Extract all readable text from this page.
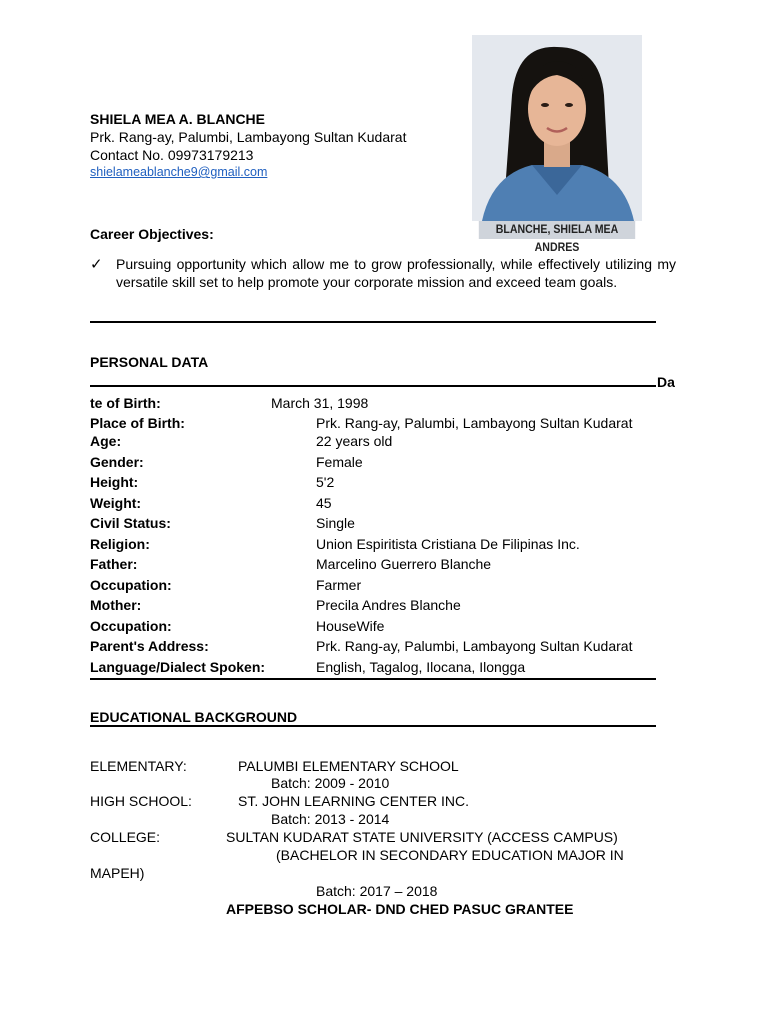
SHIELA MEA A. BLANCHE
Prk. Rang-ay, Palumbi, Lambayong Sultan Kudarat
Contact No. 09973179213
shielameablanche9@gmail.com
BLANCHE, SHIELA MEA ANDRES
Career Objectives:
✓ Pursuing opportunity which allow me to grow professionally, while effectively utilizing my versatile skill set to help promote your corporate mission and exceed team goals.
PERSONAL DATA
Da
te of Birth:	March 31, 1998
Place of Birth:	Prk. Rang-ay, Palumbi, Lambayong Sultan Kudarat
Age:	22 years old
Gender:	Female
Height:	5'2
Weight:	45
Civil Status:	Single
Religion:	Union Espiritista Cristiana De Filipinas Inc.
Father:	Marcelino Guerrero Blanche
Occupation:	Farmer
Mother:	Precila Andres Blanche
Occupation:	HouseWife
Parent's Address:	Prk. Rang-ay, Palumbi, Lambayong Sultan Kudarat
Language/Dialect Spoken:	English, Tagalog, Ilocana, Ilongga
EDUCATIONAL BACKGROUND
ELEMENTARY:	PALUMBI ELEMENTARY SCHOOL
Batch: 2009 - 2010
HIGH SCHOOL:	ST. JOHN LEARNING CENTER INC.
Batch: 2013 - 2014
COLLEGE:	SULTAN KUDARAT STATE UNIVERSITY (ACCESS CAMPUS)
(BACHELOR IN SECONDARY EDUCATION MAJOR IN
MAPEH)
Batch: 2017 – 2018
AFPEBSO SCHOLAR- DND CHED PASUC GRANTEE
